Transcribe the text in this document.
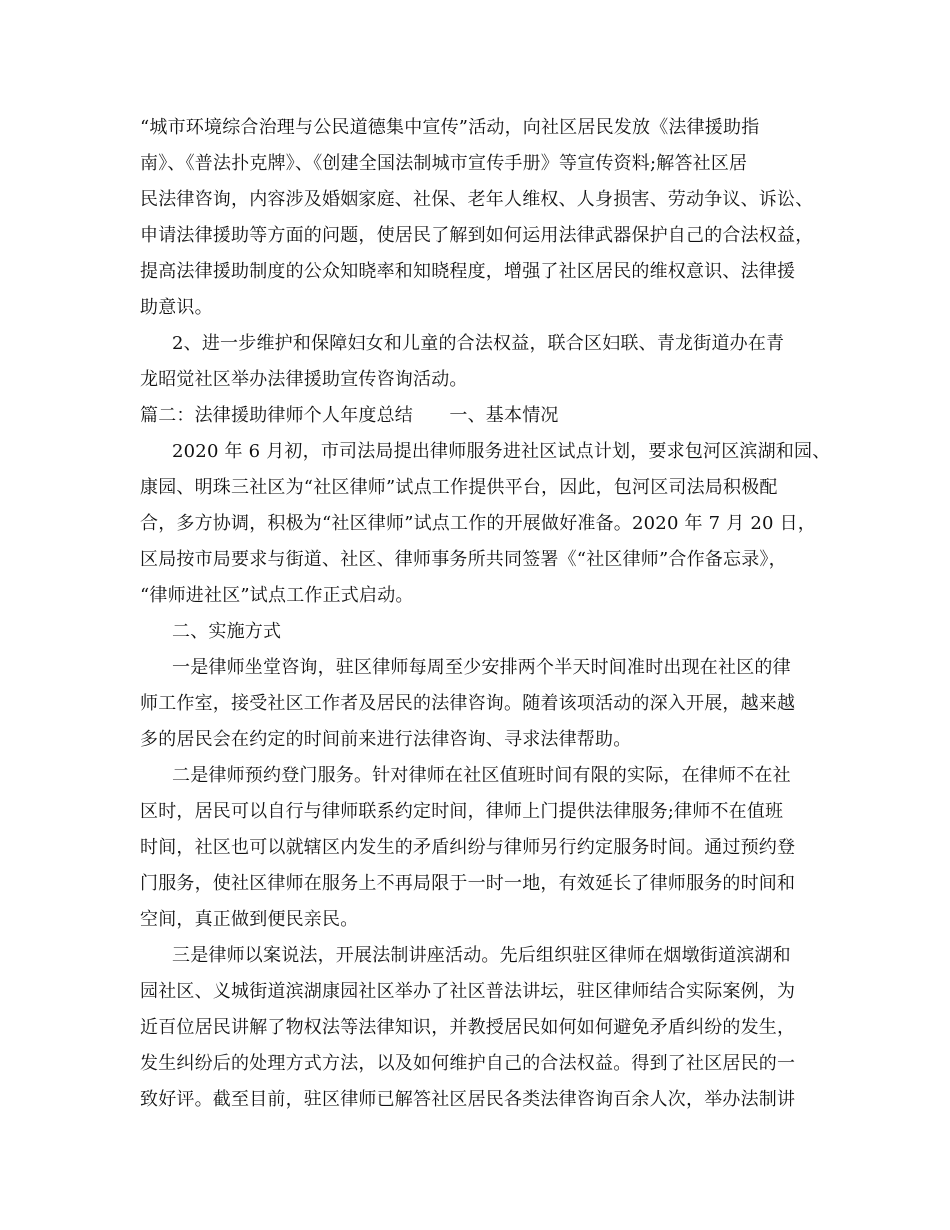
“城市环境综合治理与公民道德集中宣传”活动，向社区居民发放《法律援助指
南》、《普法扑克牌》、《创建全国法制城市宣传手册》等宣传资料;解答社区居
民法律咨询，内容涉及婚姻家庭、社保、老年人维权、人身损害、劳动争议、诉讼、
申请法律援助等方面的问题，使居民了解到如何运用法律武器保护自己的合法权益，
提高法律援助制度的公众知晓率和知晓程度，增强了社区居民的维权意识、法律援
助意识。
2、进一步维护和保障妇女和儿童的合法权益，联合区妇联、青龙街道办在青
龙昭觉社区举办法律援助宣传咨询活动。
篇二：法律援助律师个人年度总结　　一、基本情况
2020 年 6 月初，市司法局提出律师服务进社区试点计划，要求包河区滨湖和园、
康园、明珠三社区为“社区律师”试点工作提供平台，因此，包河区司法局积极配
合，多方协调，积极为“社区律师”试点工作的开展做好准备。2020 年 7 月 20 日，
区局按市局要求与街道、社区、律师事务所共同签署《“社区律师”合作备忘录》，
“律师进社区”试点工作正式启动。
二、实施方式
一是律师坐堂咨询，驻区律师每周至少安排两个半天时间准时出现在社区的律
师工作室，接受社区工作者及居民的法律咨询。随着该项活动的深入开展，越来越
多的居民会在约定的时间前来进行法律咨询、寻求法律帮助。
二是律师预约登门服务。针对律师在社区值班时间有限的实际，在律师不在社
区时，居民可以自行与律师联系约定时间，律师上门提供法律服务;律师不在值班
时间，社区也可以就辖区内发生的矛盾纠纷与律师另行约定服务时间。通过预约登
门服务，使社区律师在服务上不再局限于一时一地，有效延长了律师服务的时间和
空间，真正做到便民亲民。
三是律师以案说法，开展法制讲座活动。先后组织驻区律师在烟墩街道滨湖和
园社区、义城街道滨湖康园社区举办了社区普法讲坛，驻区律师结合实际案例，为
近百位居民讲解了物权法等法律知识，并教授居民如何如何避免矛盾纠纷的发生，
发生纠纷后的处理方式方法，以及如何维护自己的合法权益。得到了社区居民的一
致好评。截至目前，驻区律师已解答社区居民各类法律咨询百余人次，举办法制讲
